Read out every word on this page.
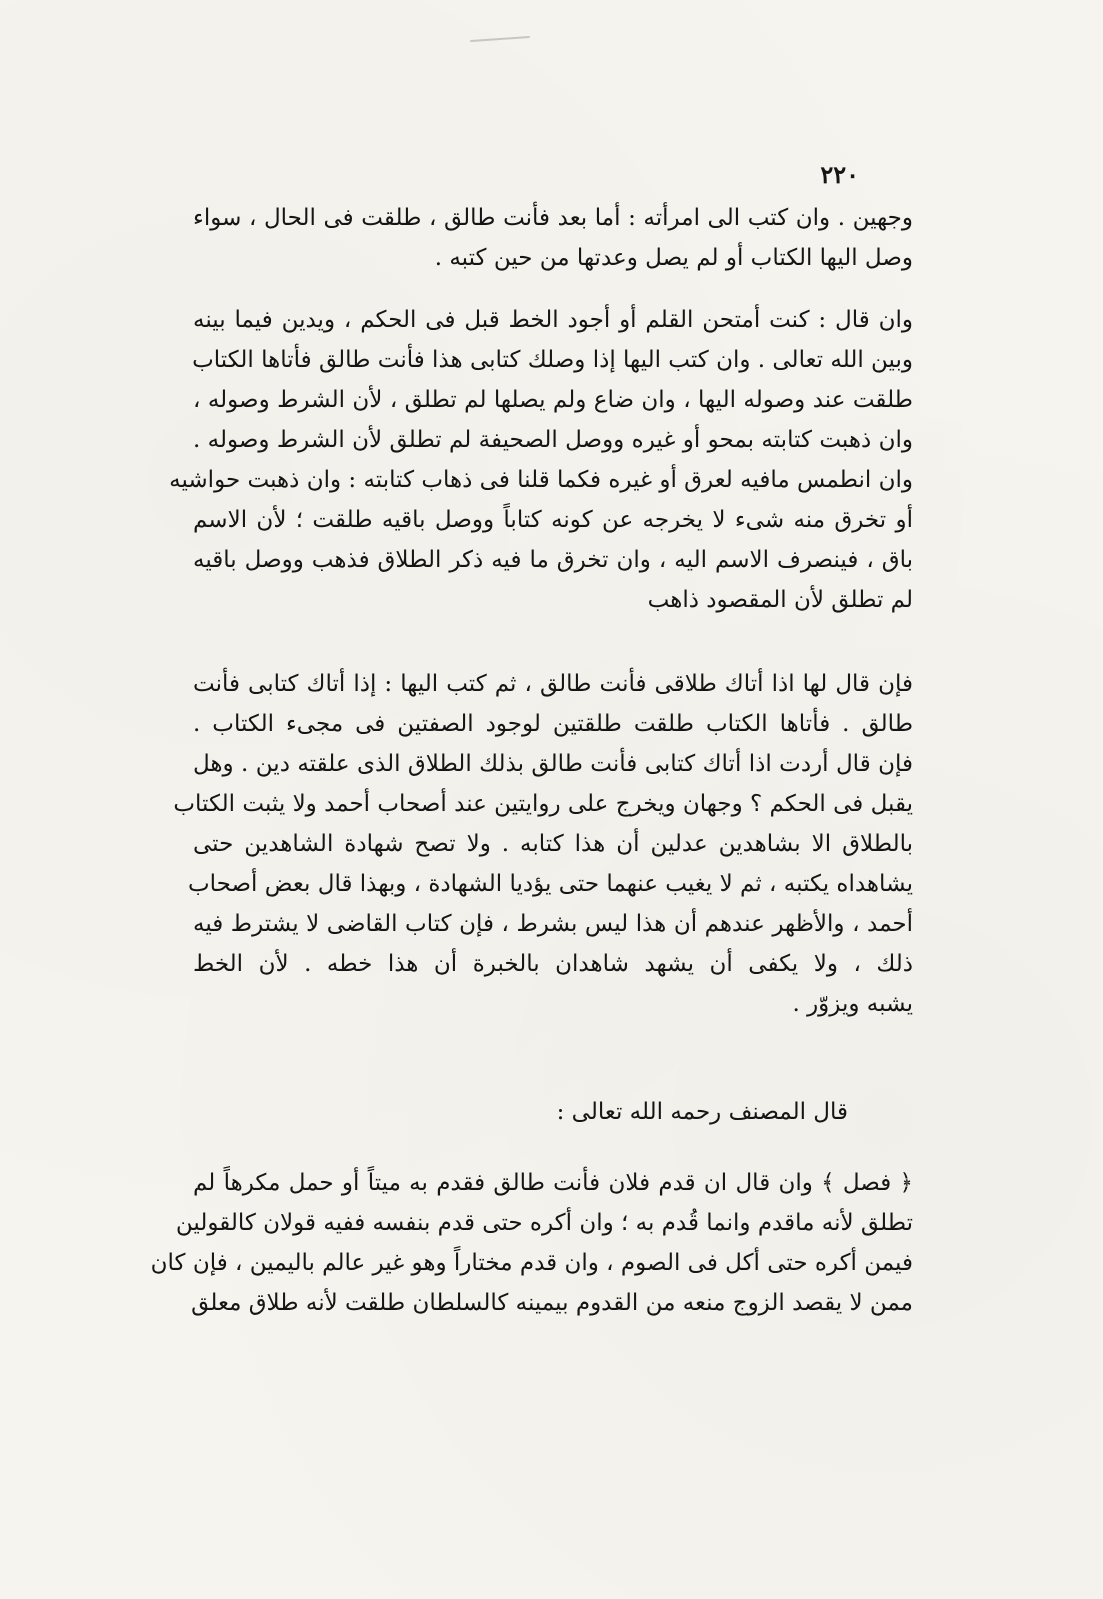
٢٢٠
وجهين . وان كتب الى امرأته : أما بعد فأنت طالق ، طلقت فى الحال ، سواء
وصل اليها الكتاب أو لم يصل وعدتها من حين كتبه .
وان قال : كنت أمتحن القلم أو أجود الخط قبل فى الحكم ، ويدين فيما بينه
وبين الله تعالى . وان كتب اليها إذا وصلك كتابى هذا فأنت طالق فأتاها الكتاب
طلقت عند وصوله اليها ، وان ضاع ولم يصلها لم تطلق ، لأن الشرط وصوله ،
وان ذهبت كتابته بمحو أو غيره ووصل الصحيفة لم تطلق لأن الشرط وصوله .
وان انطمس مافيه لعرق أو غيره فكما قلنا فى ذهاب كتابته : وان ذهبت حواشيه
أو تخرق منه شىء لا يخرجه عن كونه كتاباً ووصل باقيه طلقت ؛ لأن الاسم
باق ، فينصرف الاسم اليه ، وان تخرق ما فيه ذكر الطلاق فذهب ووصل باقيه
لم تطلق لأن المقصود ذاهب
فإن قال لها اذا أتاك طلاقى فأنت طالق ، ثم كتب اليها : إذا أتاك كتابى فأنت
طالق . فأتاها الكتاب طلقت طلقتين لوجود الصفتين فى مجىء الكتاب .
فإن قال أردت اذا أتاك كتابى فأنت طالق بذلك الطلاق الذى علقته دين . وهل
يقبل فى الحكم ؟ وجهان ويخرج على روايتين عند أصحاب أحمد ولا يثبت الكتاب
بالطلاق الا بشاهدين عدلين أن هذا كتابه . ولا تصح شهادة الشاهدين حتى
يشاهداه يكتبه ، ثم لا يغيب عنهما حتى يؤديا الشهادة ، وبهذا قال بعض أصحاب
أحمد ، والأظهر عندهم أن هذا ليس بشرط ، فإن كتاب القاضى لا يشترط فيه
ذلك ، ولا يكفى أن يشهد شاهدان بالخبرة أن هذا خطه . لأن الخط
يشبه ويزوّر .
قال المصنف رحمه الله تعالى :
﴿ فصل ﴾ وان قال ان قدم فلان فأنت طالق فقدم به ميتاً أو حمل مكرهاً لم
تطلق لأنه ماقدم وانما قُدم به ؛ وان أكره حتى قدم بنفسه ففيه قولان كالقولين
فيمن أكره حتى أكل فى الصوم ، وان قدم مختاراً وهو غير عالم باليمين ، فإن كان
ممن لا يقصد الزوج منعه من القدوم بيمينه كالسلطان طلقت لأنه طلاق معلق
